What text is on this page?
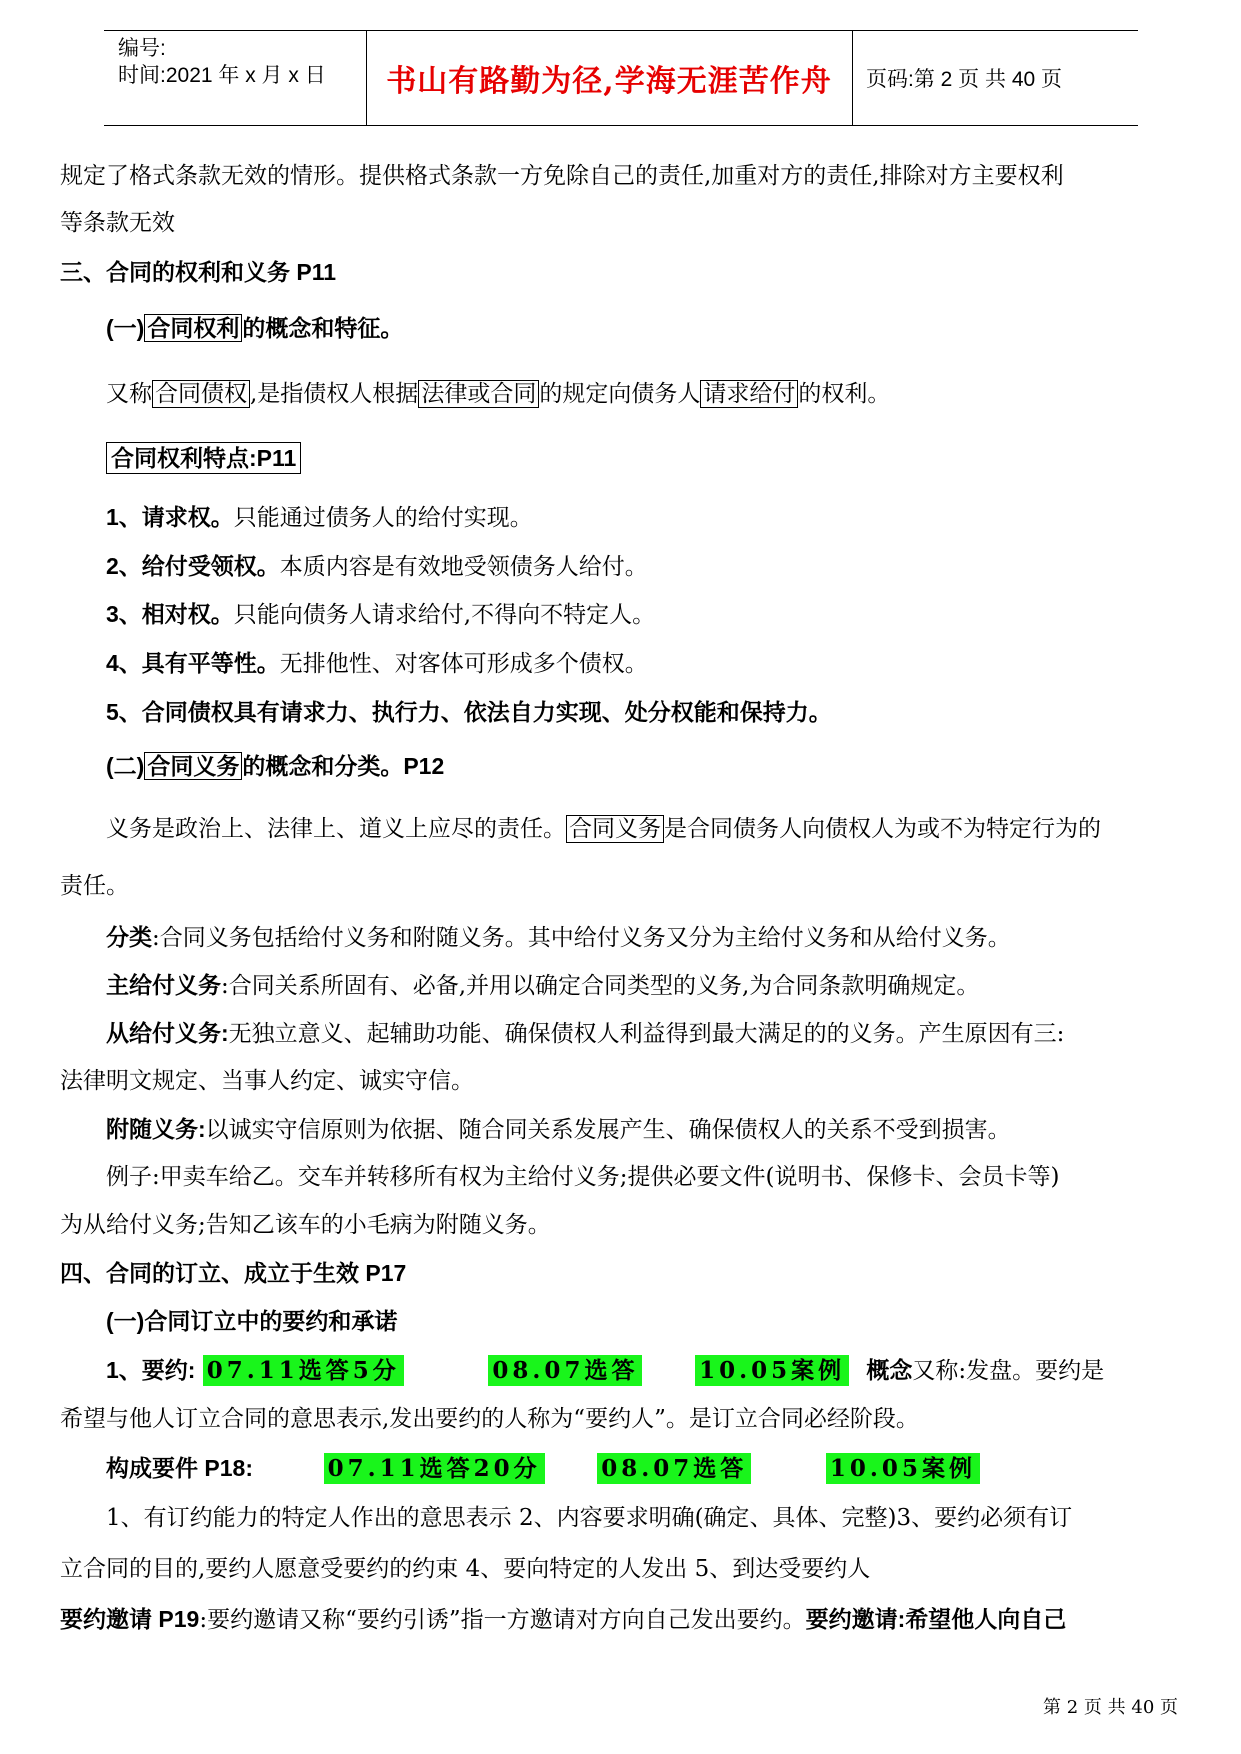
编号:
时间:2021 年 x 月 x 日	书山有路勤为径,学海无涯苦作舟	页码:第 2 页 共 40 页
规定了格式条款无效的情形。提供格式条款一方免除自己的责任,加重对方的责任,排除对方主要权利
等条款无效
三、合同的权利和义务 P11
(一) 合同权利 的概念和特征。
又称 合同债权 ,是指债权人根据 法律或合同 的规定向债务人 请求给付 的权利。
合同权利特点:P11
1、请求权。只能通过债务人的给付实现。
2、给付受领权。本质内容是有效地受领债务人给付。
3、相对权。只能向债务人请求给付,不得向不特定人。
4、具有平等性。无排他性、对客体可形成多个债权。
5、合同债权具有请求力、执行力、依法自力实现、处分权能和保持力。
(二) 合同义务 的概念和分类。P12
义务是政治上、法律上、道义上应尽的责任。 合同义务 是合同债务人向债权人为或不为特定行为的
责任。
分类:合同义务包括给付义务和附随义务。其中给付义务又分为主给付义务和从给付义务。
主给付义务:合同关系所固有、必备,并用以确定合同类型的义务,为合同条款明确规定。
从给付义务:无独立意义、起辅助功能、确保债权人利益得到最大满足的的义务。产生原因有三:
法律明文规定、当事人约定、诚实守信。
附随义务:以诚实守信原则为依据、随合同关系发展产生、确保债权人的关系不受到损害。
例子:甲卖车给乙。交车并转移所有权为主给付义务;提供必要文件(说明书、保修卡、会员卡等)
为从给付义务;告知乙该车的小毛病为附随义务。
四、合同的订立、成立于生效 P17
(一)合同订立中的要约和承诺
1、要约: 07.11选答5分	08.07选答	10.05案例 概念又称:发盘。要约是
希望与他人订立合同的意思表示,发出要约的人称为“要约人”。是订立合同必经阶段。
构成要件 P18:	07.11选答20分	08.07选答	10.05案例
1、有订约能力的特定人作出的意思表示 2、内容要求明确(确定、具体、完整)3、要约必须有订
立合同的目的,要约人愿意受要约的约束 4、要向特定的人发出 5、到达受要约人
要约邀请 P19:要约邀请又称“要约引诱”指一方邀请对方向自己发出要约。要约邀请:希望他人向自己
第 2 页 共 40 页
